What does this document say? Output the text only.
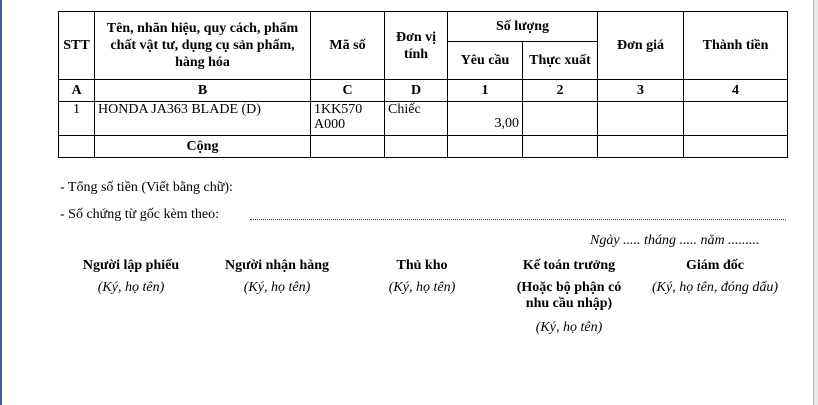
STT	Tên, nhãn hiệu, quy cách, phẩm chất vật tư, dụng cụ sản phẩm, hàng hóa	Mã số	Đơn vị tính	Số lượng		Đơn giá	Thành tiền
				Yêu cầu	Thực xuất		
A	B	C	D	1	2	3	4
1	HONDA JA363 BLADE (D)	1KK570 A000	Chiếc	3,00			
	Cộng						
- Tổng số tiền (Viết bằng chữ):
- Số chứng từ gốc kèm theo:
Ngày ..... tháng ..... năm .........
Người lập phiếu
(Ký, họ tên)
Người nhận hàng
(Ký, họ tên)
Thủ kho
(Ký, họ tên)
Kế toán trưởng
(Hoặc bộ phận có nhu cầu nhập)
(Ký, họ tên)
Giám đốc
(Ký, họ tên, đóng dấu)
